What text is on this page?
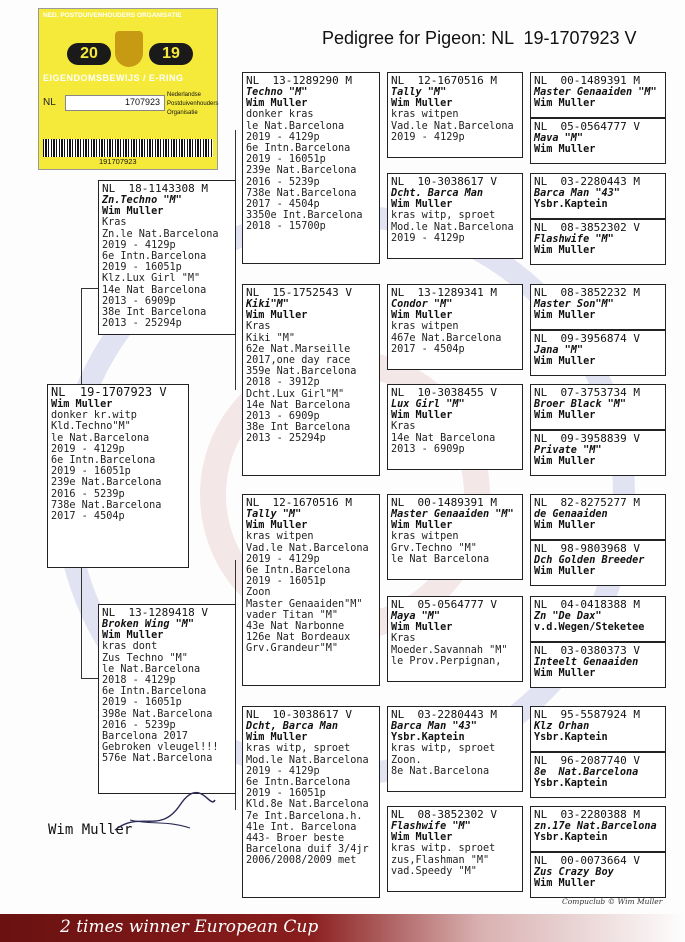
Pedigree for Pigeon: NL  19-1707923 V
NED. POSTDUIVENHOUDERS ORGANISATIE
20	19
EIGENDOMSBEWIJS / E-RING
NL	1707923
Nederlandse
Postduivenhouders
Organisatie
191707923
NL  19-1707923 V
Wim Muller
donker kr.witp
Kld.Techno"M"
le Nat.Barcelona
2019 - 4129p
6e Intn.Barcelona
2019 - 16051p
239e Nat.Barcelona
2016 - 5239p
738e Nat.Barcelona
2017 - 4504p
NL  18-1143308 M
Zn.Techno "M"
Wim Muller
Kras
Zn.le Nat.Barcelona
2019 - 4129p
6e Intn.Barcelona
2019 - 16051p
Klz.Lux Girl "M"
14e Nat Barcelona
2013 - 6909p
38e Int Barcelona
2013 - 25294p
NL  13-1289418 V
Broken Wing "M"
Wim Muller
kras dont
Zus Techno "M"
le Nat.Barcelona
2018 - 4129p
6e Intn.Barcelona
2019 - 16051p
398e Nat.Barcelona
2016 - 5239p
Barcelona 2017
Gebroken vleugel!!!
576e Nat.Barcelona
NL  13-1289290 M
Techno "M"
Wim Muller
donker kras
le Nat.Barcelona
2019 - 4129p
6e Intn.Barcelona
2019 - 16051p
239e Nat.Barcelona
2016 - 5239p
738e Nat.Barcelona
2017 - 4504p
3350e Int.Barcelona
2018 - 15700p
NL  15-1752543 V
Kiki"M"
Wim Muller
Kras
Kiki "M"
62e Nat.Marseille
2017,one day race
359e Nat.Barcelona
2018 - 3912p
Dcht.Lux Girl"M"
14e Nat Barcelona
2013 - 6909p
38e Int Barcelona
2013 - 25294p
NL  12-1670516 M
Tally "M"
Wim Muller
kras witpen
Vad.le Nat.Barcelona
2019 - 4129p
6e Intn.Barcelona
2019 - 16051p
Zoon
Master Genaaiden"M"
vader Titan "M"
43e Nat Narbonne
126e Nat Bordeaux
Grv.Grandeur"M"
NL  10-3038617 V
Dcht, Barca Man
Wim Muller
kras witp, sproet
Mod.le Nat.Barcelona
2019 - 4129p
6e Intn.Barcelona
2019 - 16051p
Kld.8e Nat.Barcelona
7e Int.Barcelona.h.
41e Int. Barcelona
443- Broer beste
Barcelona duif 3/4jr
2006/2008/2009 met
NL  12-1670516 M
Tally "M"
Wim Muller
kras witpen
Vad.le Nat.Barcelona
2019 - 4129p
NL  10-3038617 V
Dcht. Barca Man
Wim Muller
kras witp, sproet
Mod.le Nat.Barcelona
2019 - 4129p
NL  13-1289341 M
Condor "M"
Wim Muller
kras witpen
467e Nat.Barcelona
2017 - 4504p
NL  10-3038455 V
Lux Girl "M"
Wim Muller
Kras
14e Nat Barcelona
2013 - 6909p
NL  00-1489391 M
Master Genaaiden "M"
Wim Muller
kras witpen
Grv.Techno "M"
le Nat Barcelona
NL  05-0564777 V
Maya "M"
Wim Muller
Kras
Moeder.Savannah "M"
le Prov.Perpignan,
NL  03-2280443 M
Barca Man "43"
Ysbr.Kaptein
kras witp, sproet
Zoon.
8e Nat.Barcelona
NL  08-3852302 V
Flashwife "M"
Wim Muller
kras witp. sproet
zus,Flashman "M"
vad.Speedy "M"
NL  00-1489391 M
Master Genaaiden "M"
Wim Muller
NL  05-0564777 V
Mava "M"
Wim Muller
NL  03-2280443 M
Barca Man "43"
Ysbr.Kaptein
NL  08-3852302 V
Flashwife "M"
Wim Muller
NL  08-3852232 M
Master Son"M"
Wim Muller
NL  09-3956874 V
Jana "M"
Wim Muller
NL  07-3753734 M
Broer Black "M"
Wim Muller
NL  09-3958839 V
Private "M"
Wim Muller
NL  82-8275277 M
de Genaaiden
Wim Muller
NL  98-9803968 V
Dch Golden Breeder
Wim Muller
NL  04-0418388 M
Zn "De Dax"
v.d.Wegen/Steketee
NL  03-0380373 V
Inteelt Genaaiden
Wim Muller
NL  95-5587924 M
Klz Orhan
Ysbr.Kaptein
NL  96-2087740 V
8e  Nat.Barcelona
Ysbr.Kaptein
NL  03-2280388 M
zn.17e Nat.Barcelona
Ysbr.Kaptein
NL  00-0073664 V
Zus Crazy Boy
Wim Muller
Wim Muller
Compuclub © Wim Muller
2 times winner European Cup
